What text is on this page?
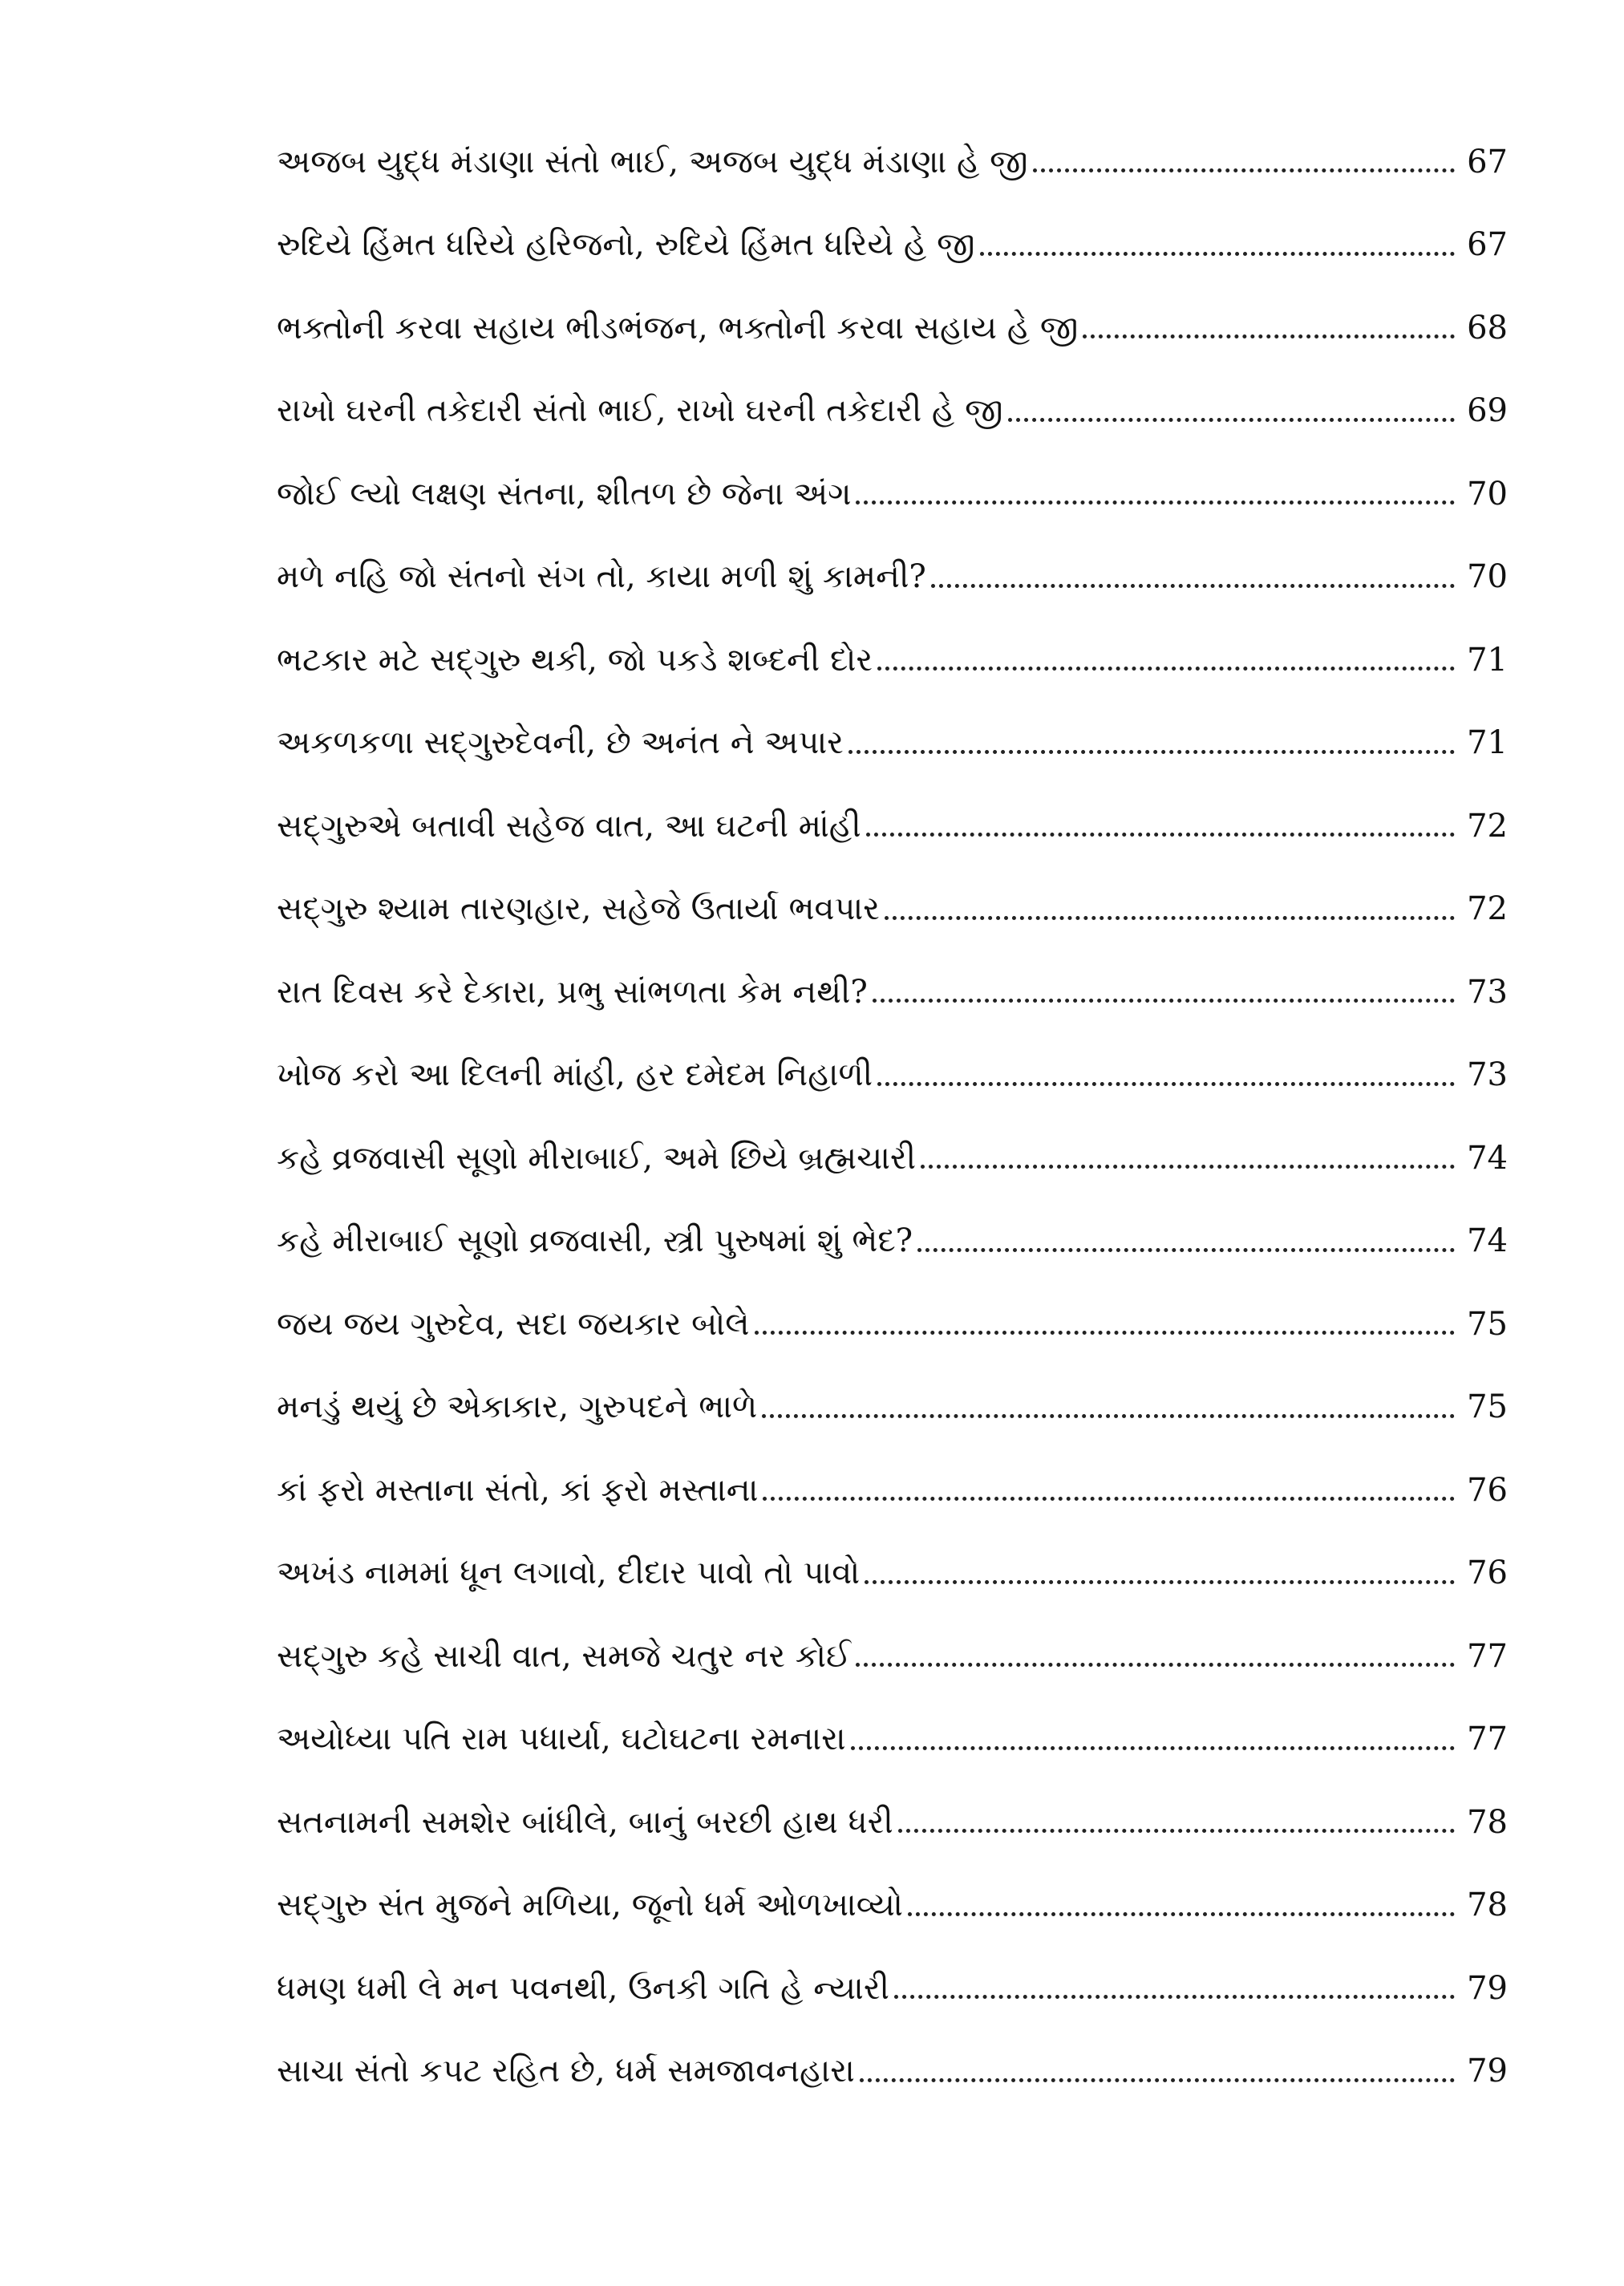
અજબ યુદ્ધ મંડાણા સંતો ભાઈ, અજબ યુદ્ધ મંડાણા હે જી	67
રુદિયે હિંમત ધરિયે હરિજનો, રુદિયે હિંમત ધરિયે હે જી	67
ભક્તોની કરવા સહાય ભીડભંજન, ભક્તોની કરવા સહાય હે જી	68
રાખો ઘરની તકેદારી સંતો ભાઈ, રાખો ઘરની તકેદારી હે જી	69
જોઈ લ્યો લક્ષણ સંતના, શીતળ છે જેના અંગ	70
મળે નહિ જો સંતનો સંગ તો, કાયા મળી શું કામની?	70
ભટકાર મટે સદ્‌ગુરુ થકી, જો પકડે શબ્દની દોર	71
અકળકળા સદ્‌ગુરુદેવની, છે અનંત ને અપાર	71
સદ્‌ગુરુએ બતાવી સહેજ વાત, આ ઘટની માંહી	72
સદ્‌ગુરુ શ્યામ તારણહાર, સહેજે ઉતાર્યા ભવપાર	72
રાત દિવસ કરે દેકારા, પ્રભુ સાંભળતા કેમ નથી?	73
ખોજ કરો આ દિલની માંહી, હર દમેદમ નિહાળી	73
કહે વ્રજવાસી સૂણો મીરાબાઈ, અમે છિયે બ્રહ્મચારી	74
કહે મીરાબાઈ સૂણો વ્રજવાસી, સ્ત્રી પુરુષમાં શું ભેદ?	74
જય જય ગુરુદેવ, સદા જયકાર બોલે	75
મનડું થયું છે એકાકાર, ગુરુપદને ભાળે	75
કાં ફરો મસ્તાના સંતો, કાં ફરો મસ્તાના	76
અખંડ નામમાં ધૂન લગાવો, દીદાર પાવો તો પાવો	76
સદ્‌ગુરુ કહે સાચી વાત, સમજે ચતુર નર કોઈ	77
અયોધ્યા પતિ રામ પધાર્યા, ઘટોઘટના રમનારા	77
સતનામની સમશેર બાંધીલે, બાનું બરછી હાથ ધરી	78
સદ્‌ગુરુ સંત મુજને મળિયા, જૂનો ધર્મ ઓળખાવ્યો	78
ધમણ ધમી લે મન પવનથી, ઉનકી ગતિ હે ન્યારી	79
સાચા સંતો કપટ રહિત છે, ધર્મ સમજાવનહારા	79
